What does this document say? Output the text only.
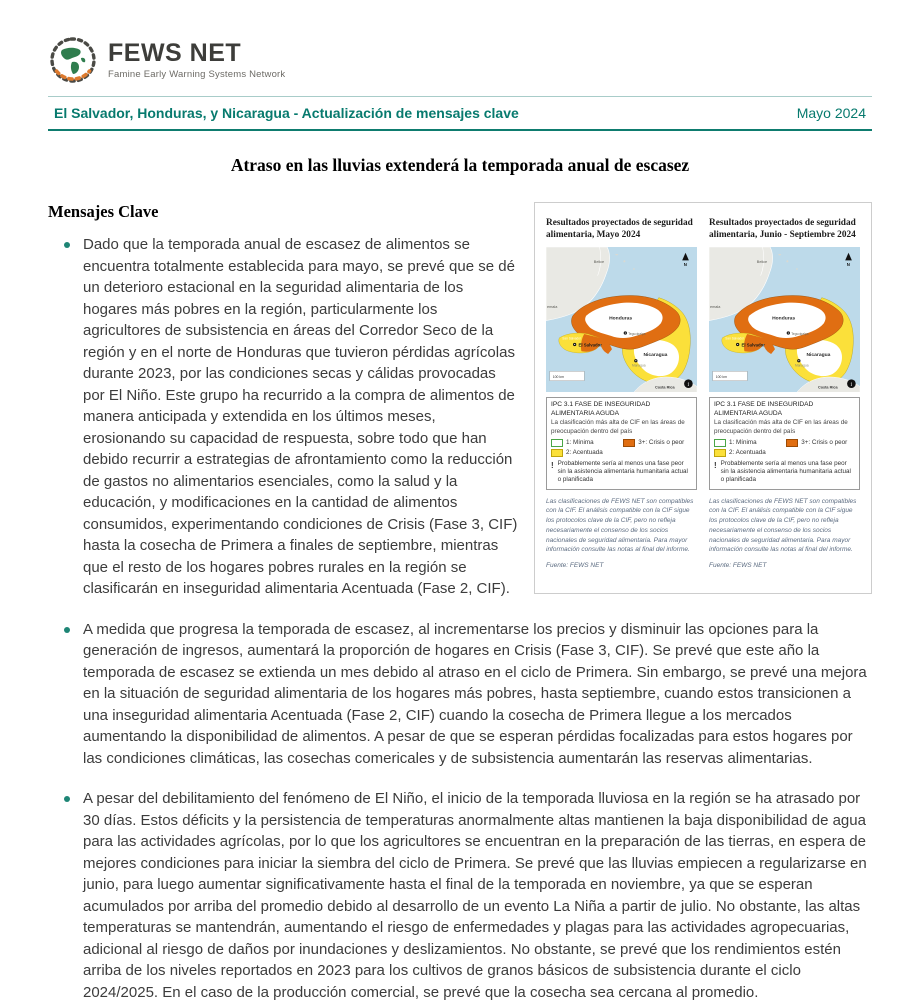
FEWS NET
Famine Early Warning Systems Network
El Salvador, Honduras, y Nicaragua - Actualización de mensajes clave	Mayo 2024
Atraso en las lluvias extenderá la temporada anual de escasez
Resultados proyectados de seguridad alimentaria, Mayo 2024
Belice
emala
Honduras
San Salvador
El Salvador
Tegucigalpa
Nicaragua
Managua
Costa Rica
100 km
N
i
IPC 3.1 FASE DE INSEGURIDAD ALIMENTARIA AGUDA
La clasificación más alta de CIF en las áreas de preocupación dentro del país
1: Mínima	3+: Crisis o peor
2: Acentuada
! Probablemente sería al menos una fase peor sin la asistencia alimentaria humanitaria actual o planificada
Las clasificaciones de FEWS NET son compatibles con la CIF. El análisis compatible con la CIF sigue los protocolos clave de la CIF, pero no refleja necesariamente el consenso de los socios nacionales de seguridad alimentaria. Para mayor información consulte las notas al final del informe.
Fuente: FEWS NET
Resultados proyectados de seguridad alimentaria, Junio - Septiembre 2024
Belice
emala
Honduras
San Salvador
El Salvador
Tegucigalpa
Nicaragua
Managua
Costa Rica
100 km
N
i
IPC 3.1 FASE DE INSEGURIDAD ALIMENTARIA AGUDA
La clasificación más alta de CIF en las áreas de preocupación dentro del país
1: Mínima	3+: Crisis o peor
2: Acentuada
! Probablemente sería al menos una fase peor sin la asistencia alimentaria humanitaria actual o planificada
Las clasificaciones de FEWS NET son compatibles con la CIF. El análisis compatible con la CIF sigue los protocolos clave de la CIF, pero no refleja necesariamente el consenso de los socios nacionales de seguridad alimentaria. Para mayor información consulte las notas al final del informe.
Fuente: FEWS NET
Mensajes Clave
Dado que la temporada anual de escasez de alimentos se encuentra totalmente establecida para mayo, se prevé que se dé un deterioro estacional en la seguridad alimentaria de los hogares más pobres en la región, particularmente los agricultores de subsistencia en áreas del Corredor Seco de la región y en el norte de Honduras que tuvieron pérdidas agrícolas durante 2023, por las condiciones secas y cálidas provocadas por El Niño. Este grupo ha recurrido a la compra de alimentos de manera anticipada y extendida en los últimos meses, erosionando su capacidad de respuesta, sobre todo que han debido recurrir a estrategias de afrontamiento como la reducción de gastos no alimentarios esenciales, como la salud y la educación, y modificaciones en la cantidad de alimentos consumidos, experimentando condiciones de Crisis (Fase 3, CIF) hasta la cosecha de Primera a finales de septiembre, mientras que el resto de los hogares pobres rurales en la región se clasificarán en inseguridad alimentaria Acentuada (Fase 2, CIF).
A medida que progresa la temporada de escasez, al incrementarse los precios y disminuir las opciones para la generación de ingresos, aumentará la proporción de hogares en Crisis (Fase 3, CIF). Se prevé que este año la temporada de escasez se extienda un mes debido al atraso en el ciclo de Primera. Sin embargo, se prevé una mejora en la situación de seguridad alimentaria de los hogares más pobres, hasta septiembre, cuando estos transicionen a una inseguridad alimentaria Acentuada (Fase 2, CIF) cuando la cosecha de Primera llegue a los mercados aumentando la disponibilidad de alimentos. A pesar de que se esperan pérdidas focalizadas para estos hogares por las condiciones climáticas, las cosechas comericales y de subsistencia aumentarán las reservas alimentarias.
A pesar del debilitamiento del fenómeno de El Niño, el inicio de la temporada lluviosa en la región se ha atrasado por 30 días. Estos déficits y la persistencia de temperaturas anormalmente altas mantienen la baja disponibilidad de agua para las actividades agrícolas, por lo que los agricultores se encuentran en la preparación de las tierras, en espera de mejores condiciones para iniciar la siembra del ciclo de Primera. Se prevé que las lluvias empiecen a regularizarse en junio, para luego aumentar significativamente hasta el final de la temporada en noviembre, ya que se esperan acumulados por arriba del promedio debido al desarrollo de un evento La Niña a partir de julio. No obstante, las altas temperaturas se mantendrán, aumentando el riesgo de enfermedades y plagas para las actividades agropecuarias, adicional al riesgo de daños por inundaciones y deslizamientos. No obstante, se prevé que los rendimientos estén arriba de los niveles reportados en 2023 para los cultivos de granos básicos de subsistencia durante el ciclo 2024/2025. En el caso de la producción comercial, se prevé que la cosecha sea cercana al promedio.
